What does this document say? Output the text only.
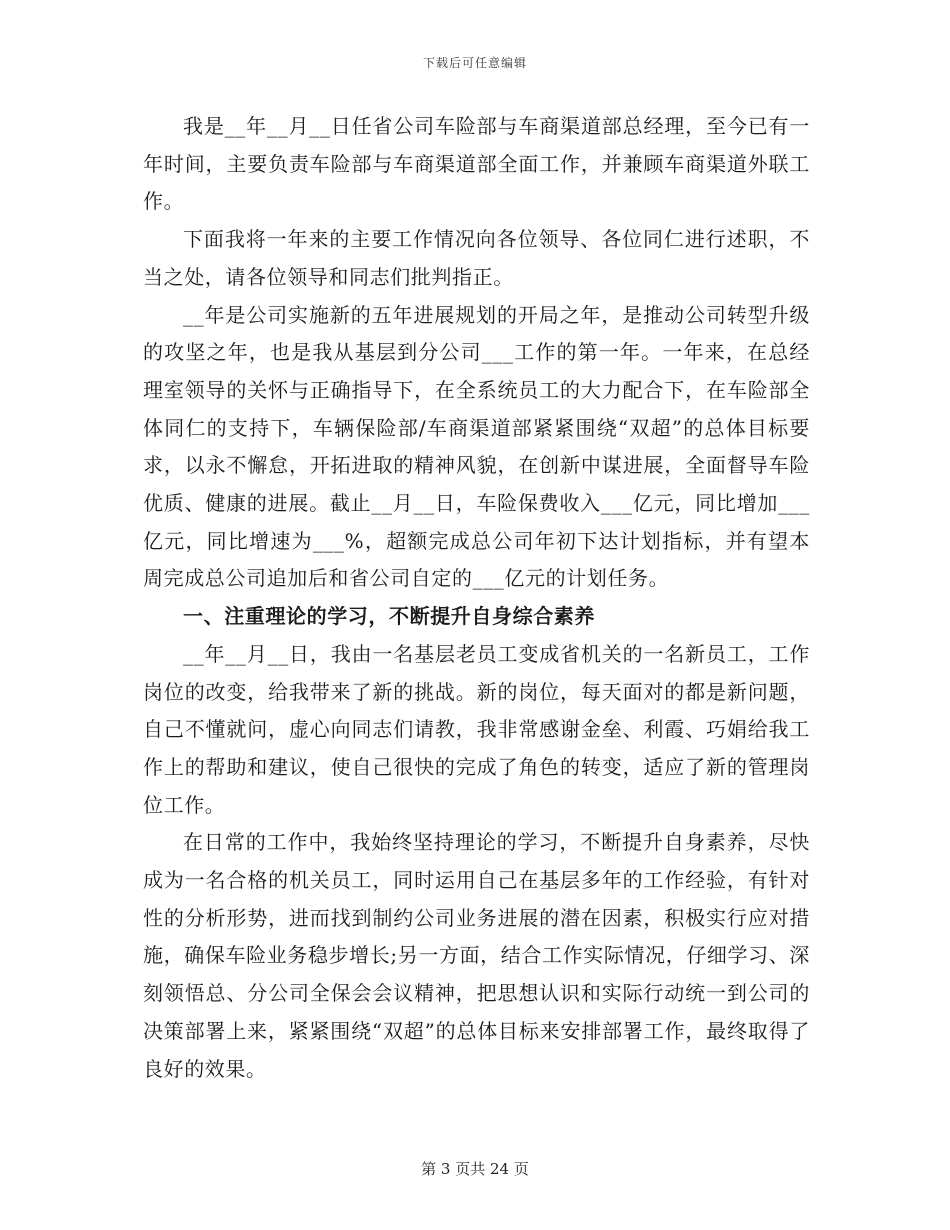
下载后可任意编辑

我是__年__月__日任省公司车险部与车商渠道部总经理，至今已有一年时间，主要负责车险部与车商渠道部全面工作，并兼顾车商渠道外联工作。

下面我将一年来的主要工作情况向各位领导、各位同仁进行述职，不当之处，请各位领导和同志们批判指正。

__年是公司实施新的五年进展规划的开局之年，是推动公司转型升级的攻坚之年，也是我从基层到分公司___工作的第一年。一年来，在总经理室领导的关怀与正确指导下，在全系统员工的大力配合下，在车险部全体同仁的支持下，车辆保险部/车商渠道部紧紧围绕“双超”的总体目标要求，以永不懈怠，开拓进取的精神风貌，在创新中谋进展，全面督导车险优质、健康的进展。截止__月__日，车险保费收入___亿元，同比增加___亿元，同比增速为___%，超额完成总公司年初下达计划指标，并有望本周完成总公司追加后和省公司自定的___亿元的计划任务。

一、注重理论的学习，不断提升自身综合素养

__年__月__日，我由一名基层老员工变成省机关的一名新员工，工作岗位的改变，给我带来了新的挑战。新的岗位，每天面对的都是新问题，自己不懂就问，虚心向同志们请教，我非常感谢金垒、利霞、巧娟给我工作上的帮助和建议，使自己很快的完成了角色的转变，适应了新的管理岗位工作。

在日常的工作中，我始终坚持理论的学习，不断提升自身素养，尽快成为一名合格的机关员工，同时运用自己在基层多年的工作经验，有针对性的分析形势，进而找到制约公司业务进展的潜在因素，积极实行应对措施，确保车险业务稳步增长;另一方面，结合工作实际情况，仔细学习、深刻领悟总、分公司全保会会议精神，把思想认识和实际行动统一到公司的决策部署上来，紧紧围绕“双超”的总体目标来安排部署工作，最终取得了良好的效果。

第 3 页共 24 页
